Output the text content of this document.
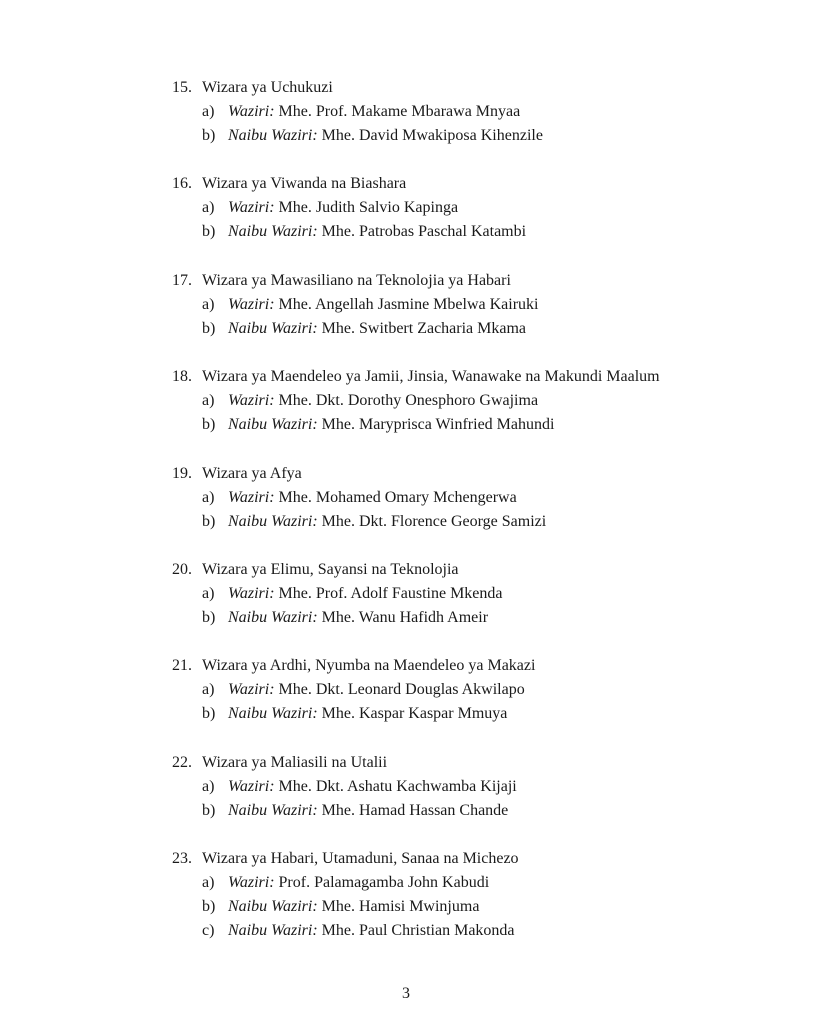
15. Wizara ya Uchukuzi
a) Waziri: Mhe. Prof. Makame Mbarawa Mnyaa
b) Naibu Waziri: Mhe. David Mwakiposa Kihenzile
16. Wizara ya Viwanda na Biashara
a) Waziri: Mhe. Judith Salvio Kapinga
b) Naibu Waziri: Mhe. Patrobas Paschal Katambi
17. Wizara ya Mawasiliano na Teknolojia ya Habari
a) Waziri: Mhe. Angellah Jasmine Mbelwa Kairuki
b) Naibu Waziri: Mhe. Switbert Zacharia Mkama
18. Wizara ya Maendeleo ya Jamii, Jinsia, Wanawake na Makundi Maalum
a) Waziri: Mhe. Dkt. Dorothy Onesphoro Gwajima
b) Naibu Waziri: Mhe. Maryprisca Winfried Mahundi
19. Wizara ya Afya
a) Waziri: Mhe. Mohamed Omary Mchengerwa
b) Naibu Waziri: Mhe. Dkt. Florence George Samizi
20. Wizara ya Elimu, Sayansi na Teknolojia
a) Waziri: Mhe. Prof. Adolf Faustine Mkenda
b) Naibu Waziri: Mhe. Wanu Hafidh Ameir
21. Wizara ya Ardhi, Nyumba na Maendeleo ya Makazi
a) Waziri: Mhe. Dkt. Leonard Douglas Akwilapo
b) Naibu Waziri: Mhe. Kaspar Kaspar Mmuya
22. Wizara ya Maliasili na Utalii
a) Waziri: Mhe. Dkt. Ashatu Kachwamba Kijaji
b) Naibu Waziri: Mhe. Hamad Hassan Chande
23. Wizara ya Habari, Utamaduni, Sanaa na Michezo
a) Waziri: Prof. Palamagamba John Kabudi
b) Naibu Waziri: Mhe. Hamisi Mwinjuma
c) Naibu Waziri: Mhe. Paul Christian Makonda
3
